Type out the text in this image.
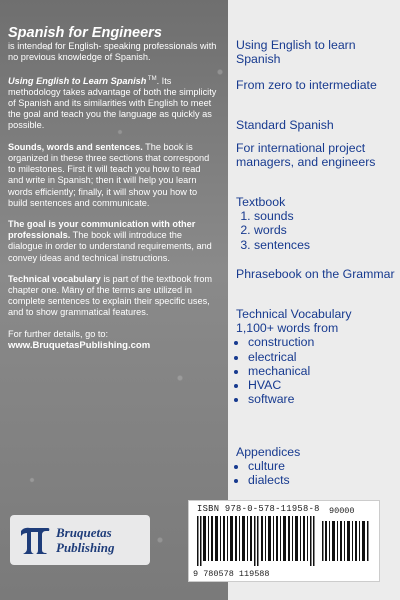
Spanish for Engineers
is intended for English- speaking professionals with no previous knowledge of Spanish.

Using English to Learn Spanish ™. Its methodology takes advantage of both the simplicity of Spanish and its similarities with English to meet the goal and teach you the language as quickly as possible.

Sounds, words and sentences. The book is organized in these three sections that correspond to milestones. First it will teach you how to read and write in Spanish; then it will help you learn words efficiently; finally, it will show you how to build sentences and communicate.

The goal is your communication with other professionals. The book will introduce the dialogue in order to understand requirements, and convey ideas and technical instructions.

Technical vocabulary is part of the textbook from chapter one. Many of the terms are utilized in complete sentences to explain their specific uses, and to show grammatical features.

For further details, go to:
www.BruquetasPublishing.com

Bruquetas
Publishing
Using English to learn Spanish
From zero to intermediate
Standard Spanish
For international project managers, and engineers
Textbook
1. sounds
2. words
3. sentences
Phrasebook on the Grammar
Technical Vocabulary
1,100+ words from
• construction
• electrical
• mechanical
• HVAC
• software
Appendices
• culture
• dialects
ISBN 978-0-578-11958-8 90000
9 780578 119588
